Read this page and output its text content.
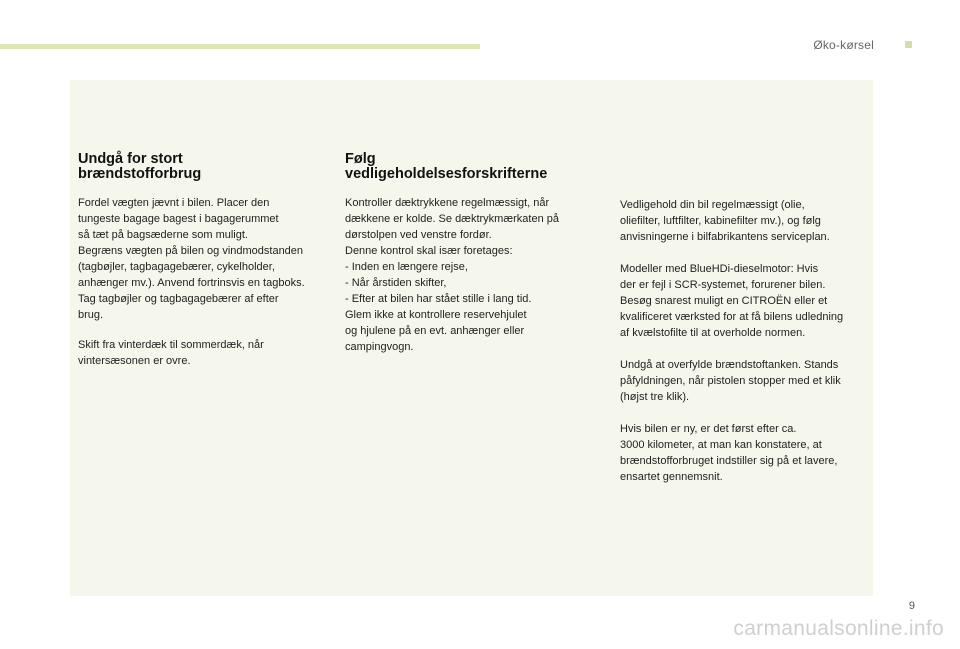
Øko-kørsel
Undgå for stort
brændstofforbrug

Fordel vægten jævnt i bilen. Placer den
tungeste bagage bagest i bagagerummet
så tæt på bagsæderne som muligt.
Begræns vægten på bilen og vindmodstanden
(tagbøjler, tagbagagebærer, cykelholder,
anhænger mv.). Anvend fortrinsvis en tagboks.
Tag tagbøjler og tagbagagebærer af efter
brug.

Skift fra vinterdæk til sommerdæk, når
vintersæsonen er ovre.

Følg
vedligeholdelsesforskrifterne

Kontroller dæktrykkene regelmæssigt, når
dækkene er kolde. Se dæktrykmærkaten på
dørstolpen ved venstre fordør.
Denne kontrol skal især foretages:
- Inden en længere rejse,
- Når årstiden skifter,
- Efter at bilen har stået stille i lang tid.
Glem ikke at kontrollere reservehjulet
og hjulene på en evt. anhænger eller
campingvogn.

Vedligehold din bil regelmæssigt (olie,
oliefilter, luftfilter, kabinefilter mv.), og følg
anvisningerne i bilfabrikantens serviceplan.

Modeller med BlueHDi-dieselmotor: Hvis
der er fejl i SCR-systemet, forurener bilen.
Besøg snarest muligt en CITROËN eller et
kvalificeret værksted for at få bilens udledning
af kvælstofilte til at overholde normen.

Undgå at overfylde brændstoftanken. Stands
påfyldningen, når pistolen stopper med et klik
(højst tre klik).

Hvis bilen er ny, er det først efter ca.
3000 kilometer, at man kan konstatere, at
brændstofforbruget indstiller sig på et lavere,
ensartet gennemsnit.

9
carmanualsonline.info
